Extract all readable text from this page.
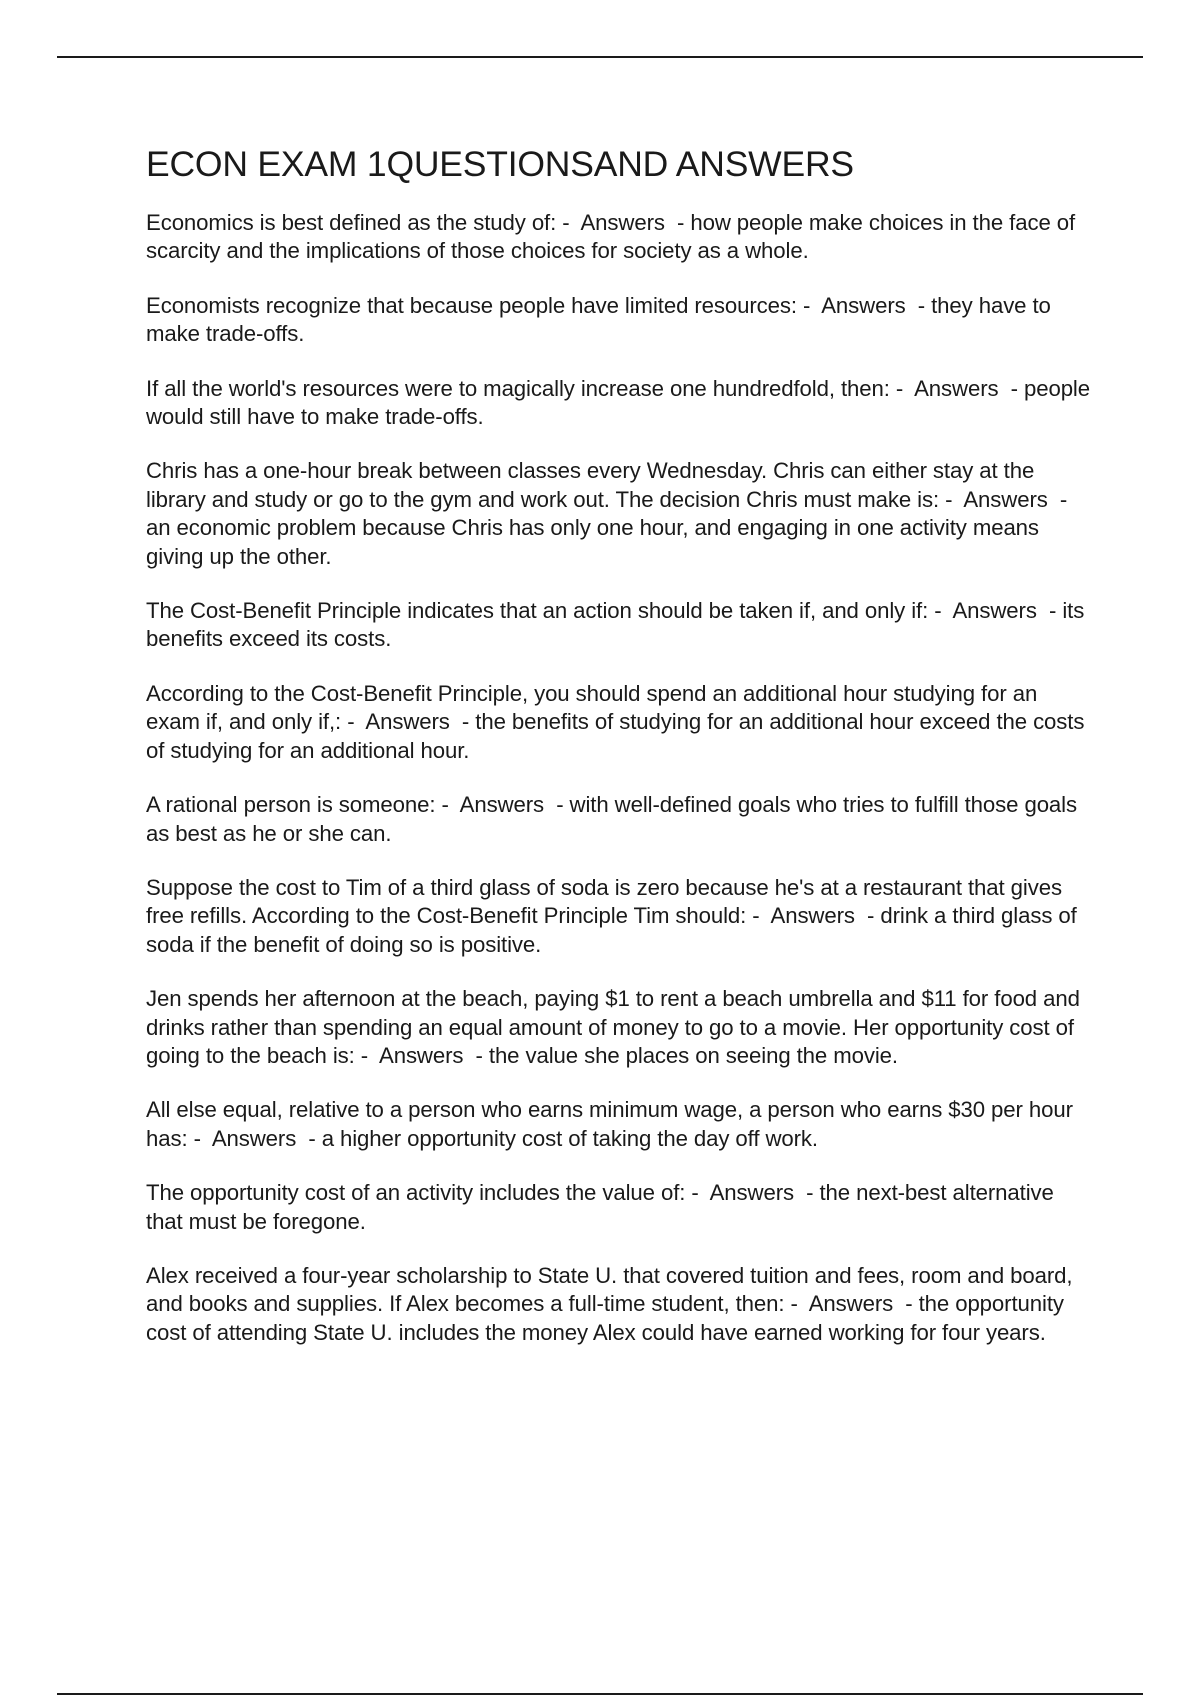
ECON EXAM 1QUESTIONSAND ANSWERS

Economics is best defined as the study of: -  Answers  - how people make choices in the face of scarcity and the implications of those choices for society as a whole.

Economists recognize that because people have limited resources: -  Answers  - they have to make trade-offs.

If all the world's resources were to magically increase one hundredfold, then: -  Answers  - people would still have to make trade-offs.

Chris has a one-hour break between classes every Wednesday. Chris can either stay at the library and study or go to the gym and work out. The decision Chris must make is: -  Answers  - an economic problem because Chris has only one hour, and engaging in one activity means giving up the other.

The Cost-Benefit Principle indicates that an action should be taken if, and only if: -  Answers  - its benefits exceed its costs.

According to the Cost-Benefit Principle, you should spend an additional hour studying for an exam if, and only if,: -  Answers  - the benefits of studying for an additional hour exceed the costs of studying for an additional hour.

A rational person is someone: -  Answers  - with well-defined goals who tries to fulfill those goals as best as he or she can.

Suppose the cost to Tim of a third glass of soda is zero because he's at a restaurant that gives free refills. According to the Cost-Benefit Principle Tim should: -  Answers  - drink a third glass of soda if the benefit of doing so is positive.

Jen spends her afternoon at the beach, paying $1 to rent a beach umbrella and $11 for food and drinks rather than spending an equal amount of money to go to a movie. Her opportunity cost of going to the beach is: -  Answers  - the value she places on seeing the movie.

All else equal, relative to a person who earns minimum wage, a person who earns $30 per hour has: -  Answers  - a higher opportunity cost of taking the day off work.

The opportunity cost of an activity includes the value of: -  Answers  - the next-best alternative that must be foregone.

Alex received a four-year scholarship to State U. that covered tuition and fees, room and board, and books and supplies. If Alex becomes a full-time student, then: -  Answers  - the opportunity cost of attending State U. includes the money Alex could have earned working for four years.
